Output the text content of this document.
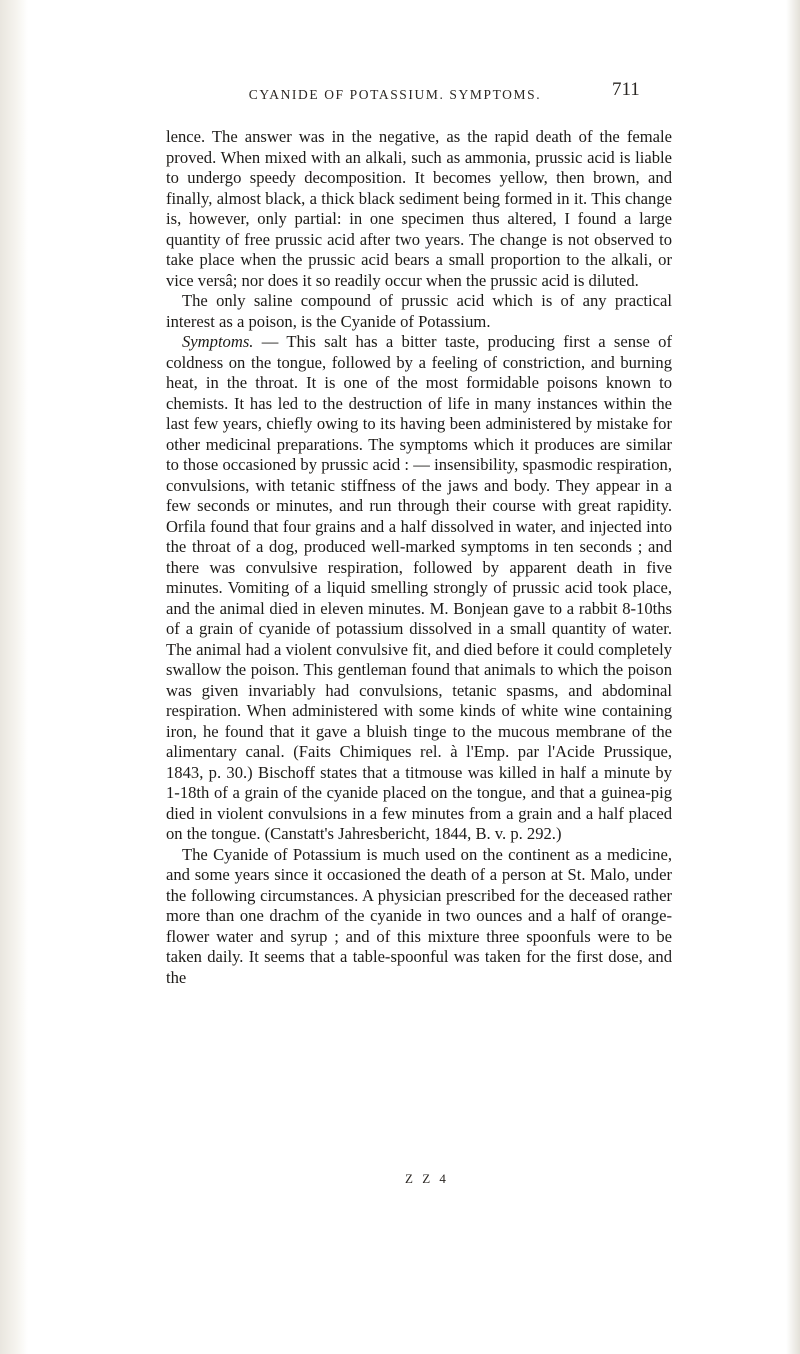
CYANIDE OF POTASSIUM. SYMPTOMS.	711

lence. The answer was in the negative, as the rapid death of the female proved. When mixed with an alkali, such as ammonia, prussic acid is liable to undergo speedy decomposition. It becomes yellow, then brown, and finally, almost black, a thick black sediment being formed in it. This change is, however, only partial: in one specimen thus altered, I found a large quantity of free prussic acid after two years. The change is not observed to take place when the prussic acid bears a small proportion to the alkali, or vice versâ; nor does it so readily occur when the prussic acid is diluted.

The only saline compound of prussic acid which is of any practical interest as a poison, is the Cyanide of Potassium.

Symptoms. — This salt has a bitter taste, producing first a sense of coldness on the tongue, followed by a feeling of constriction, and burning heat, in the throat. It is one of the most formidable poisons known to chemists. It has led to the destruction of life in many instances within the last few years, chiefly owing to its having been administered by mistake for other medicinal preparations. The symptoms which it produces are similar to those occasioned by prussic acid : — insensibility, spasmodic respiration, convulsions, with tetanic stiffness of the jaws and body. They appear in a few seconds or minutes, and run through their course with great rapidity. Orfila found that four grains and a half dissolved in water, and injected into the throat of a dog, produced well-marked symptoms in ten seconds ; and there was convulsive respiration, followed by apparent death in five minutes. Vomiting of a liquid smelling strongly of prussic acid took place, and the animal died in eleven minutes. M. Bonjean gave to a rabbit 8-10ths of a grain of cyanide of potassium dissolved in a small quantity of water. The animal had a violent convulsive fit, and died before it could completely swallow the poison. This gentleman found that animals to which the poison was given invariably had convulsions, tetanic spasms, and abdominal respiration. When administered with some kinds of white wine containing iron, he found that it gave a bluish tinge to the mucous membrane of the alimentary canal. (Faits Chimiques rel. à l'Emp. par l'Acide Prussique, 1843, p. 30.) Bischoff states that a titmouse was killed in half a minute by 1-18th of a grain of the cyanide placed on the tongue, and that a guinea-pig died in violent convulsions in a few minutes from a grain and a half placed on the tongue. (Canstatt's Jahresbericht, 1844, B. v. p. 292.)

The Cyanide of Potassium is much used on the continent as a medicine, and some years since it occasioned the death of a person at St. Malo, under the following circumstances. A physician prescribed for the deceased rather more than one drachm of the cyanide in two ounces and a half of orange-flower water and syrup ; and of this mixture three spoonfuls were to be taken daily. It seems that a table-spoonful was taken for the first dose, and the

Z Z 4
